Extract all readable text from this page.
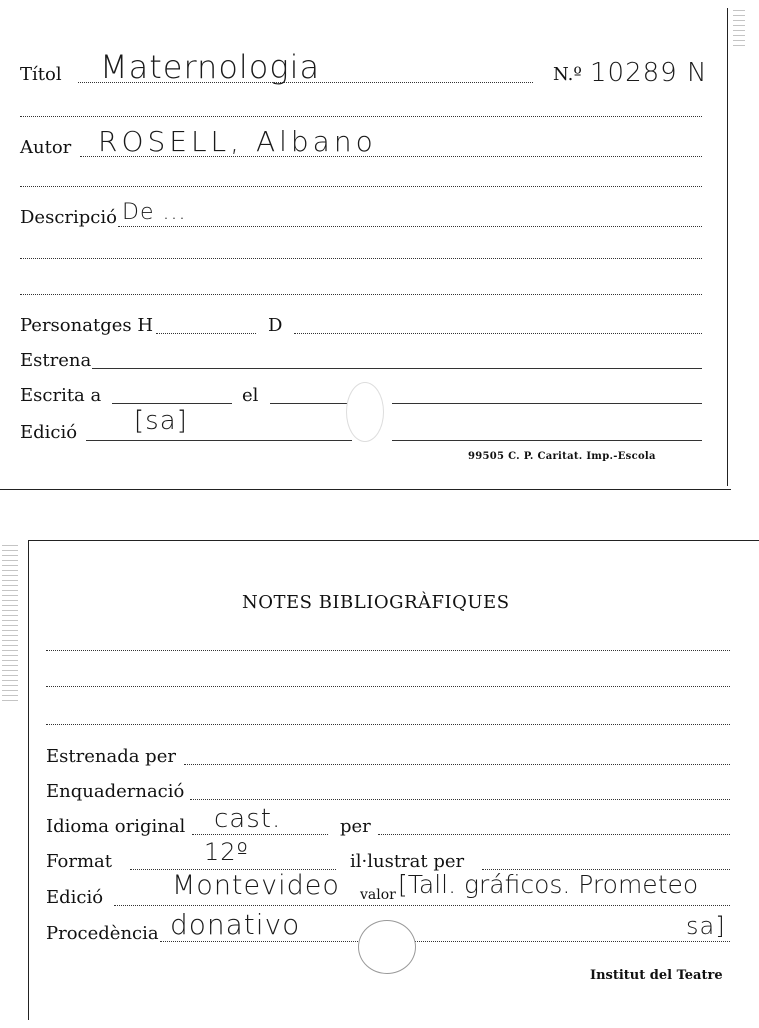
Títol Maternologia	N.º 10289 N
Autor ROSELL, Albano
Descripció De ...
Personatges H	D
Estrena
Escrita a	el
Edició [sa]
99505 C. P. Caritat. Imp.-Escola
NOTES BIBLIOGRÀFIQUES
Estrenada per
Enquadernació
Idioma original cast.	per
Format	12º	il·lustrat per
Edició	Montevideo valor [Tall. gráficos. Prometeo
Procedència donativo	sa]
Institut del Teatre
